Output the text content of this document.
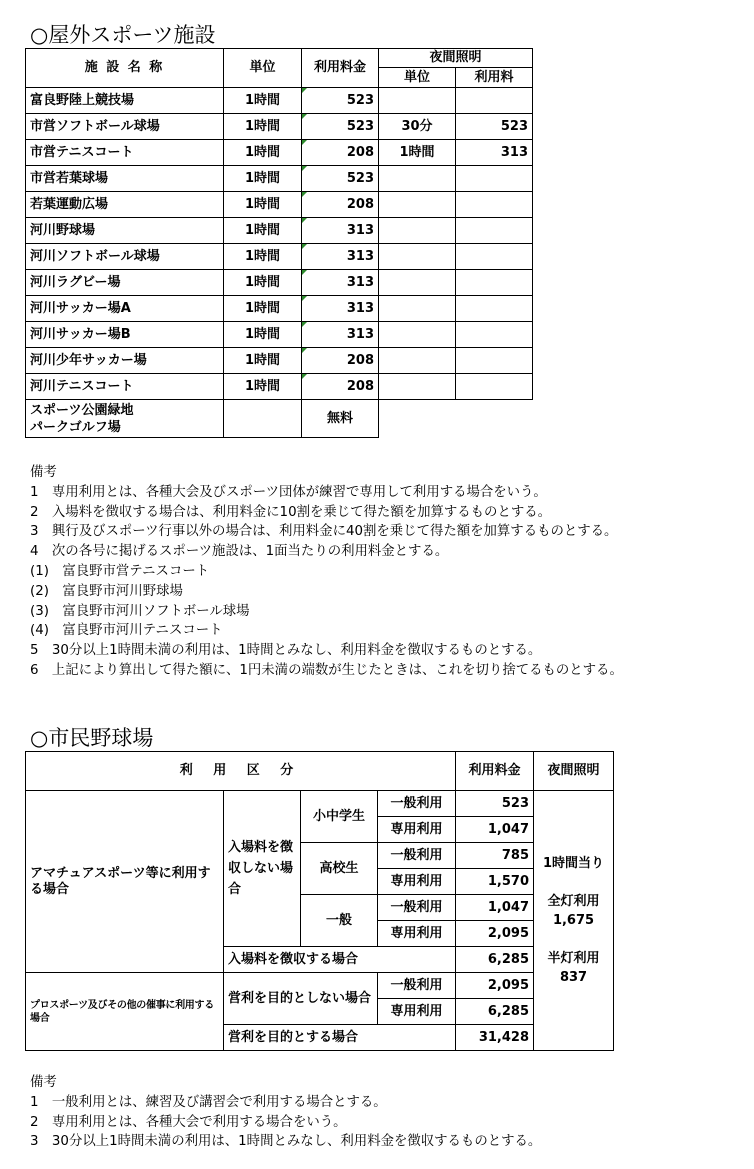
○屋外スポーツ施設
施 設 名 称	単位	利用料金	夜間照明	
			単位	利用料
富良野陸上競技場	1時間	523		
市営ソフトボール球場	1時間	523	30分	523
市営テニスコート	1時間	208	1時間	313
市営若葉球場	1時間	523		
若葉運動広場	1時間	208		
河川野球場	1時間	313		
河川ソフトボール球場	1時間	313		
河川ラグビー場	1時間	313		
河川サッカー場A	1時間	313		
河川サッカー場B	1時間	313		
河川少年サッカー場	1時間	208		
河川テニスコート	1時間	208		

スポーツ公園緑地
パークゴルフ場		無料		
備考
1　専用利用とは、各種大会及びスポーツ団体が練習で専用して利用する場合をいう。
2　入場料を徴収する場合は、利用料金に10割を乗じて得た額を加算するものとする。
3　興行及びスポーツ行事以外の場合は、利用料金に40割を乗じて得た額を加算するものとする。
4　次の各号に掲げるスポーツ施設は、1面当たりの利用料金とする。
(1)　富良野市営テニスコート
(2)　富良野市河川野球場
(3)　富良野市河川ソフトボール球場
(4)　富良野市河川テニスコート
5　30分以上1時間未満の利用は、1時間とみなし、利用料金を徴収するものとする。
6　上記により算出して得た額に、1円未満の端数が生じたときは、これを切り捨てるものとする。
○市民野球場
利 用 区 分				利用料金	夜間照明
アマチュアスポーツ等に利用する場合	入場料を徴収しない場合	小中学生	一般利用	523	1時間当り
全灯利用
1,675
半灯利用
837

			専用利用	1,047	
		高校生	一般利用	785	
			専用利用	1,570	
		一般	一般利用	1,047	
			専用利用	2,095	
	入場料を徴収する場合			6,285	
プロスポーツ及びその他の催事に利用する場合	営利を目的としない場合		一般利用	2,095	
			専用利用	6,285	
	営利を目的とする場合			31,428	
備考
1　一般利用とは、練習及び講習会で利用する場合とする。
2　専用利用とは、各種大会で利用する場合をいう。
3　30分以上1時間未満の利用は、1時間とみなし、利用料金を徴収するものとする。
